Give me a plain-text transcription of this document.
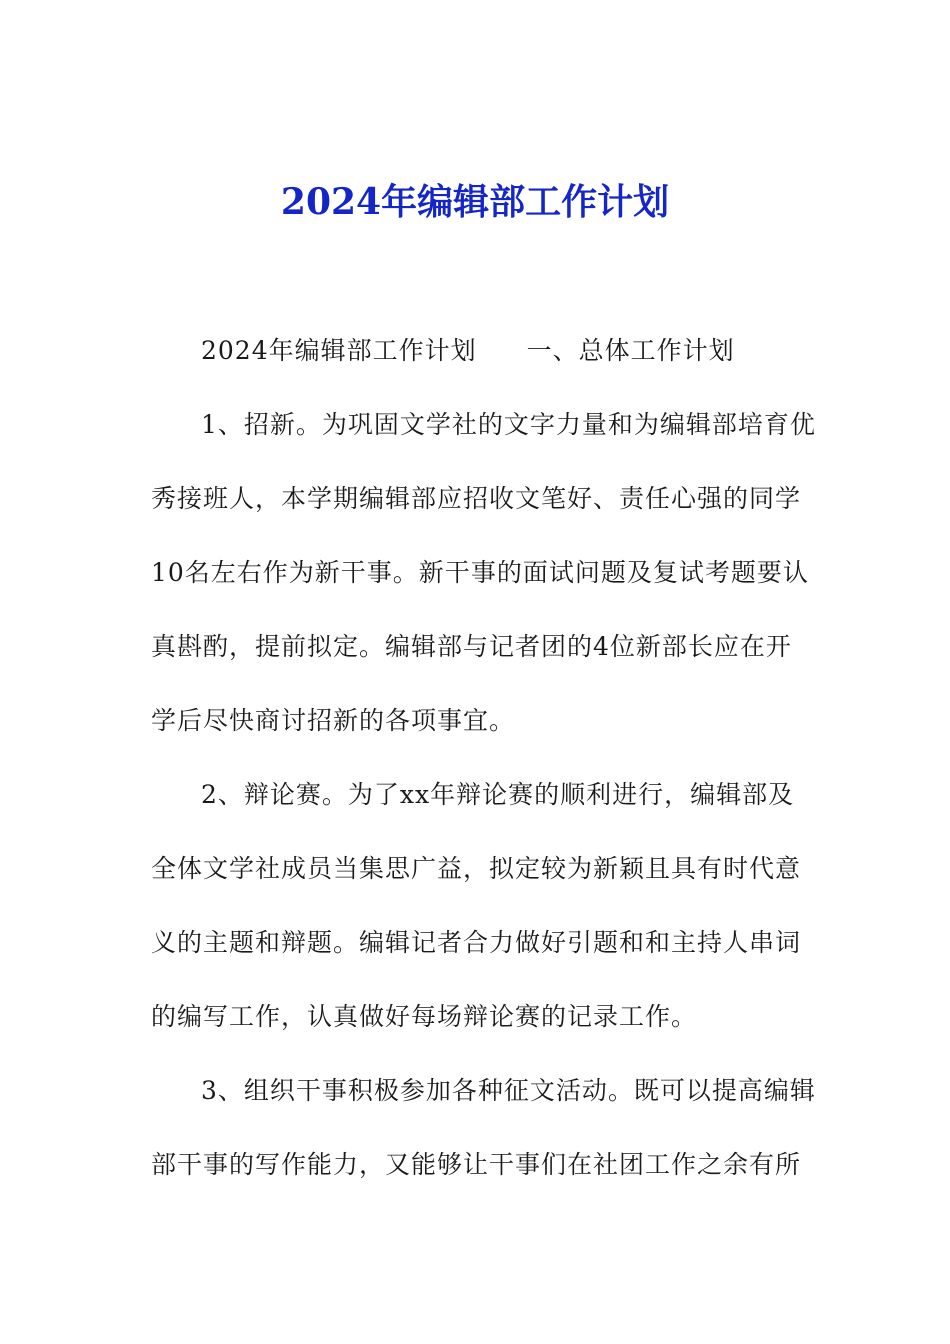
2024年编辑部工作计划

2024年编辑部工作计划 一、总体工作计划

1、招新。为巩固文学社的文字力量和为编辑部培育优

秀接班人，本学期编辑部应招收文笔好、责任心强的同学

10名左右作为新干事。新干事的面试问题及复试考题要认

真斟酌，提前拟定。编辑部与记者团的4位新部长应在开

学后尽快商讨招新的各项事宜。

2、辩论赛。为了xx年辩论赛的顺利进行，编辑部及

全体文学社成员当集思广益，拟定较为新颖且具有时代意

义的主题和辩题。编辑记者合力做好引题和和主持人串词

的编写工作，认真做好每场辩论赛的记录工作。

3、组织干事积极参加各种征文活动。既可以提高编辑

部干事的写作能力，又能够让干事们在社团工作之余有所
